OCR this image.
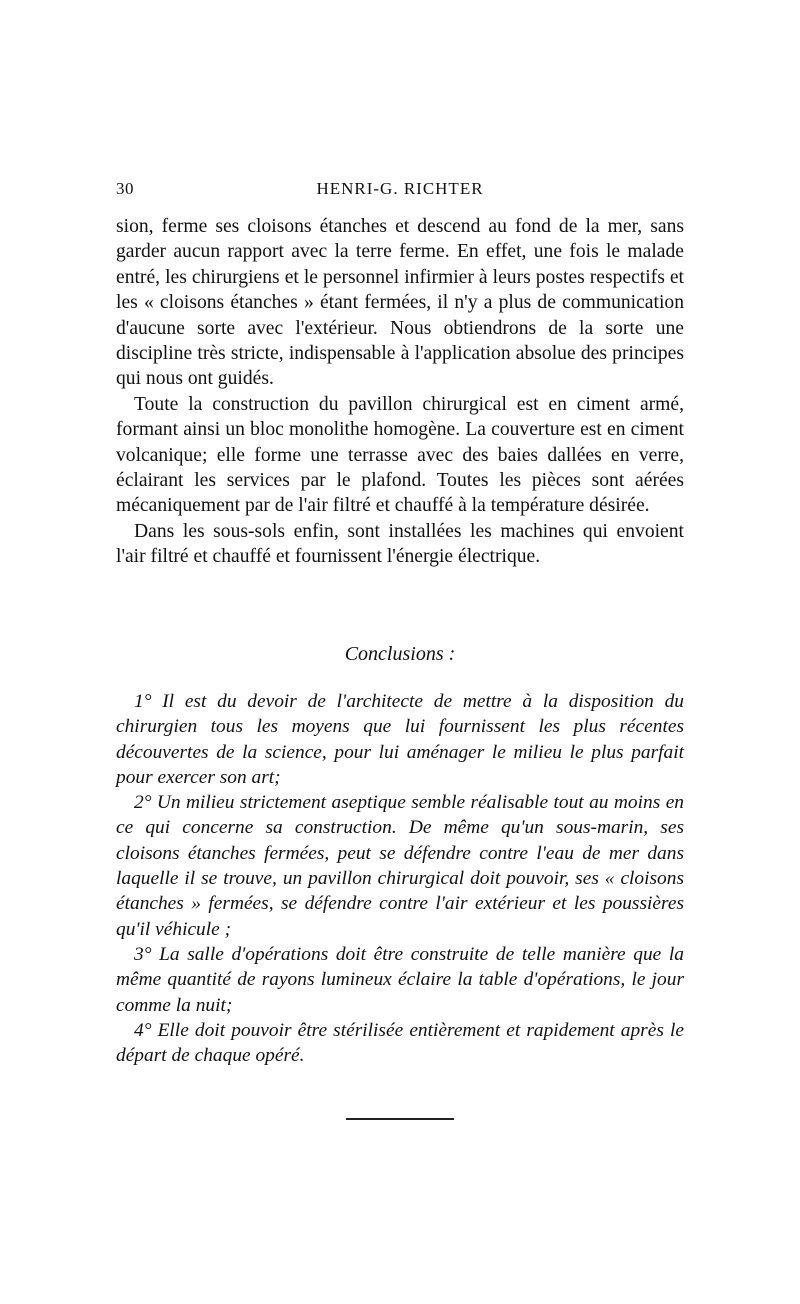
30	HENRI-G. RICHTER

sion, ferme ses cloisons étanches et descend au fond de la mer, sans garder aucun rapport avec la terre ferme. En effet, une fois le malade entré, les chirurgiens et le personnel infirmier à leurs postes respectifs et les « cloisons étanches » étant fermées, il n'y a plus de communication d'aucune sorte avec l'extérieur. Nous obtiendrons de la sorte une discipline très stricte, indispensable à l'application absolue des principes qui nous ont guidés.

Toute la construction du pavillon chirurgical est en ciment armé, formant ainsi un bloc monolithe homogène. La couverture est en ciment volcanique; elle forme une terrasse avec des baies dallées en verre, éclairant les services par le plafond. Toutes les pièces sont aérées mécaniquement par de l'air filtré et chauffé à la température désirée.

Dans les sous-sols enfin, sont installées les machines qui envoient l'air filtré et chauffé et fournissent l'énergie électrique.

Conclusions :

1° Il est du devoir de l'architecte de mettre à la disposition du chirurgien tous les moyens que lui fournissent les plus récentes découvertes de la science, pour lui aménager le milieu le plus parfait pour exercer son art;

2° Un milieu strictement aseptique semble réalisable tout au moins en ce qui concerne sa construction. De même qu'un sous-marin, ses cloisons étanches fermées, peut se défendre contre l'eau de mer dans laquelle il se trouve, un pavillon chirurgical doit pouvoir, ses « cloisons étanches » fermées, se défendre contre l'air extérieur et les poussières qu'il véhicule ;

3° La salle d'opérations doit être construite de telle manière que la même quantité de rayons lumineux éclaire la table d'opérations, le jour comme la nuit;

4° Elle doit pouvoir être stérilisée entièrement et rapidement après le départ de chaque opéré.
